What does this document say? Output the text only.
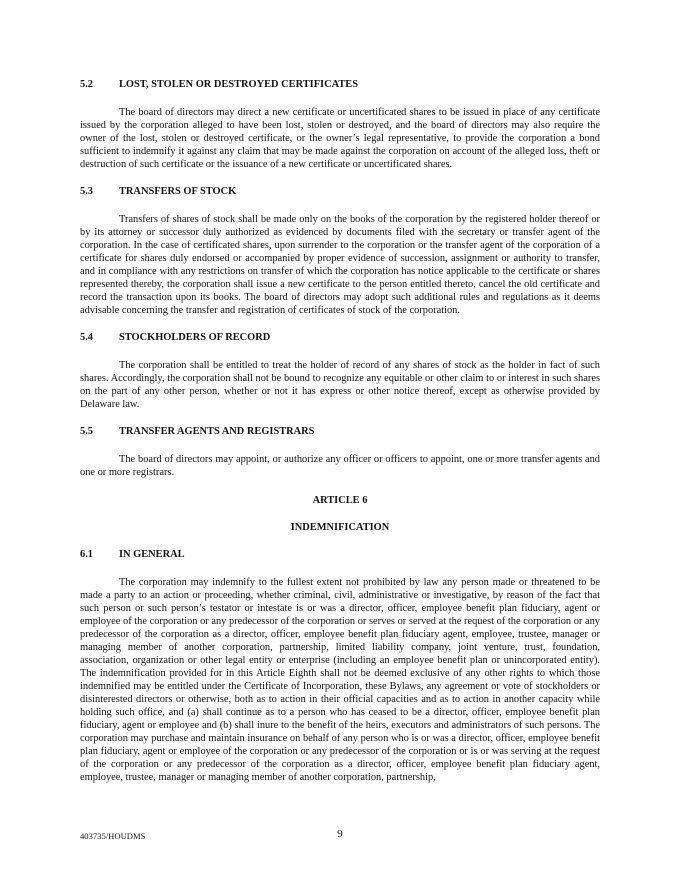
5.2	LOST, STOLEN OR DESTROYED CERTIFICATES

The board of directors may direct a new certificate or uncertificated shares to be issued in place of any certificate issued by the corporation alleged to have been lost, stolen or destroyed, and the board of directors may also require the owner of the lost, stolen or destroyed certificate, or the owner’s legal representative, to provide the corporation a bond sufficient to indemnify it against any claim that may be made against the corporation on account of the alleged loss, theft or destruction of such certificate or the issuance of a new certificate or uncertificated shares.

5.3	TRANSFERS OF STOCK

Transfers of shares of stock shall be made only on the books of the corporation by the registered holder thereof or by its attorney or successor duly authorized as evidenced by documents filed with the secretary or transfer agent of the corporation. In the case of certificated shares, upon surrender to the corporation or the transfer agent of the corporation of a certificate for shares duly endorsed or accompanied by proper evidence of succession, assignment or authority to transfer, and in compliance with any restrictions on transfer of which the corporation has notice applicable to the certificate or shares represented thereby, the corporation shall issue a new certificate to the person entitled thereto, cancel the old certificate and record the transaction upon its books. The board of directors may adopt such additional rules and regulations as it deems advisable concerning the transfer and registration of certificates of stock of the corporation.

5.4	STOCKHOLDERS OF RECORD

The corporation shall be entitled to treat the holder of record of any shares of stock as the holder in fact of such shares. Accordingly, the corporation shall not be bound to recognize any equitable or other claim to or interest in such shares on the part of any other person, whether or not it has express or other notice thereof, except as otherwise provided by Delaware law.

5.5	TRANSFER AGENTS AND REGISTRARS

The board of directors may appoint, or authorize any officer or officers to appoint, one or more transfer agents and one or more registrars.

ARTICLE 6
INDEMNIFICATION
6.1	IN GENERAL

The corporation may indemnify to the fullest extent not prohibited by law any person made or threatened to be made a party to an action or proceeding, whether criminal, civil, administrative or investigative, by reason of the fact that such person or such person’s testator or intestate is or was a director, officer, employee benefit plan fiduciary, agent or employee of the corporation or any predecessor of the corporation or serves or served at the request of the corporation or any predecessor of the corporation as a director, officer, employee benefit plan fiduciary agent, employee, trustee, manager or managing member of another corporation, partnership, limited liability company, joint venture, trust, foundation, association, organization or other legal entity or enterprise (including an employee benefit plan or unincorporated entity). The indemnification provided for in this Article Eighth shall not be deemed exclusive of any other rights to which those indemnified may be entitled under the Certificate of Incorporation, these Bylaws, any agreement or vote of stockholders or disinterested directors or otherwise, both as to action in their official capacities and as to action in another capacity while holding such office, and (a) shall continue as to a person who has ceased to be a director, officer, employee benefit plan fiduciary, agent or employee and (b) shall inure to the benefit of the heirs, executors and administrators of such persons. The corporation may purchase and maintain insurance on behalf of any person who is or was a director, officer, employee benefit plan fiduciary, agent or employee of the corporation or any predecessor of the corporation or is or was serving at the request of the corporation or any predecessor of the corporation as a director, officer, employee benefit plan fiduciary agent, employee, trustee, manager or managing member of another corporation, partnership,

403735/HOUDMS	9
